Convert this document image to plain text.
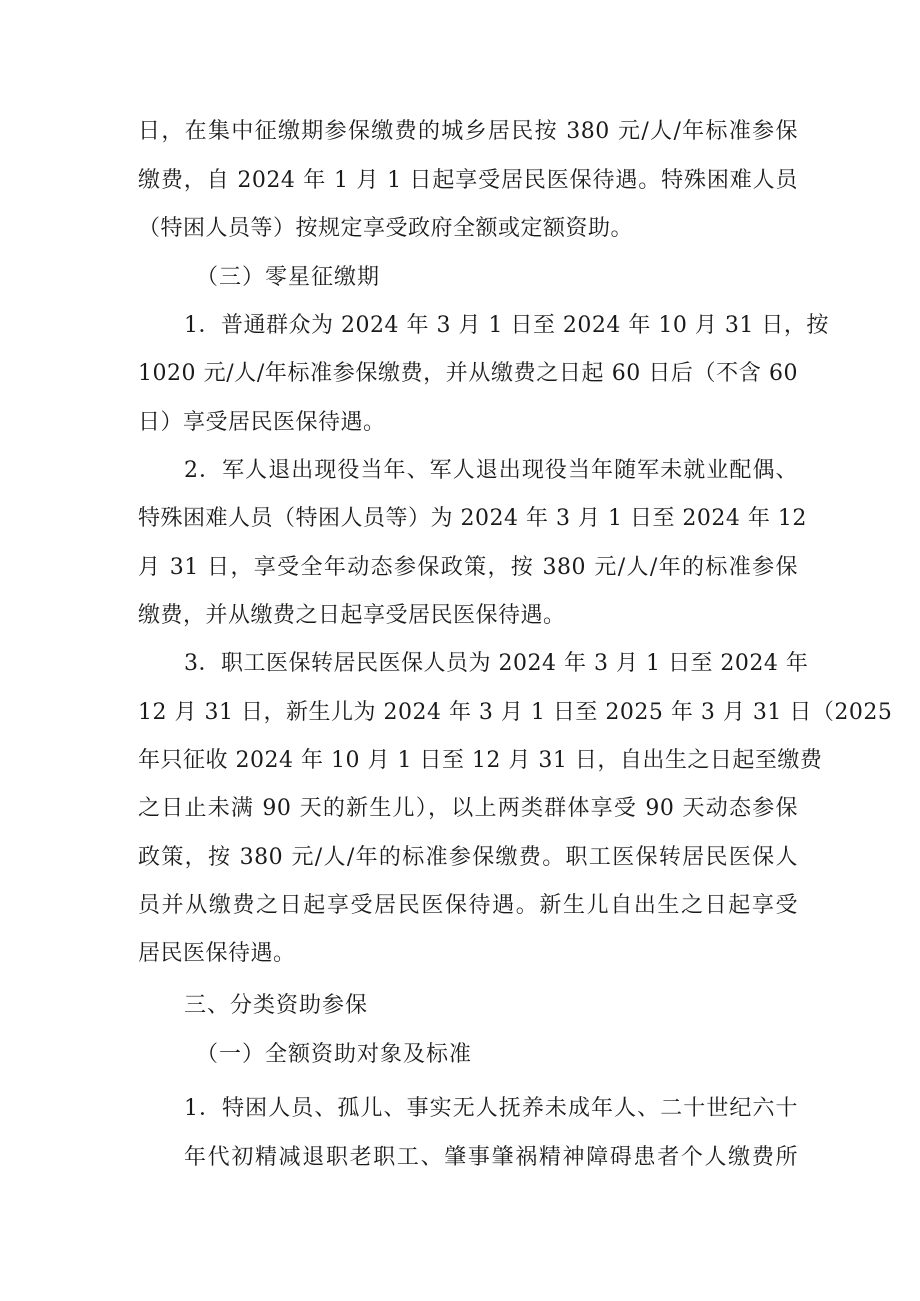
日，在集中征缴期参保缴费的城乡居民按 380 元/人/年标准参保
缴费，自 2024 年 1 月 1 日起享受居民医保待遇。特殊困难人员
（特困人员等）按规定享受政府全额或定额资助。
（三）零星征缴期
1．普通群众为 2024 年 3 月 1 日至 2024 年 10 月 31 日，按
1020 元/人/年标准参保缴费，并从缴费之日起 60 日后（不含 60
日）享受居民医保待遇。
2．军人退出现役当年、军人退出现役当年随军未就业配偶、
特殊困难人员（特困人员等）为 2024 年 3 月 1 日至 2024 年 12
月 31 日，享受全年动态参保政策，按 380 元/人/年的标准参保
缴费，并从缴费之日起享受居民医保待遇。
3．职工医保转居民医保人员为 2024 年 3 月 1 日至 2024 年
12 月 31 日，新生儿为 2024 年 3 月 1 日至 2025 年 3 月 31 日（2025
年只征收 2024 年 10 月 1 日至 12 月 31 日，自出生之日起至缴费
之日止未满 90 天的新生儿），以上两类群体享受 90 天动态参保
政策，按 380 元/人/年的标准参保缴费。职工医保转居民医保人
员并从缴费之日起享受居民医保待遇。新生儿自出生之日起享受
居民医保待遇。
三、分类资助参保
（一）全额资助对象及标准
1．特困人员、孤儿、事实无人抚养未成年人、二十世纪六十
年代初精减退职老职工、肇事肇祸精神障碍患者个人缴费所
